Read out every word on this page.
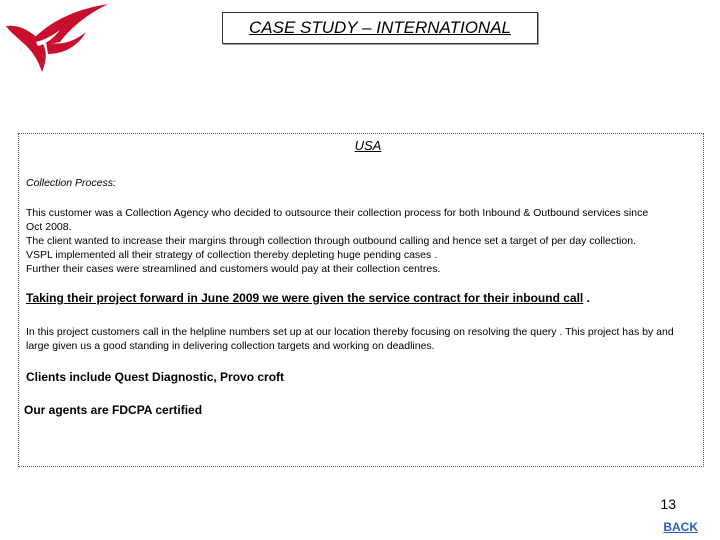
CASE STUDY – INTERNATIONAL
USA
Collection Process:
This customer was a Collection Agency who decided to outsource their collection process for both Inbound & Outbound services since
Oct 2008.
The client wanted to increase their margins through collection through outbound calling and hence set a target of per day collection.
VSPL implemented all their strategy of collection thereby depleting huge pending cases .
Further their cases were streamlined and customers would pay at their collection centres.
Taking their project forward in June 2009 we were given the service contract for their inbound call .
In this project customers call in the helpline numbers set up at our location thereby focusing on resolving the query . This project has by and large given us a good standing in delivering collection targets and working on deadlines.
Clients include Quest Diagnostic, Provo croft
Our agents are FDCPA certified
13
BACK
